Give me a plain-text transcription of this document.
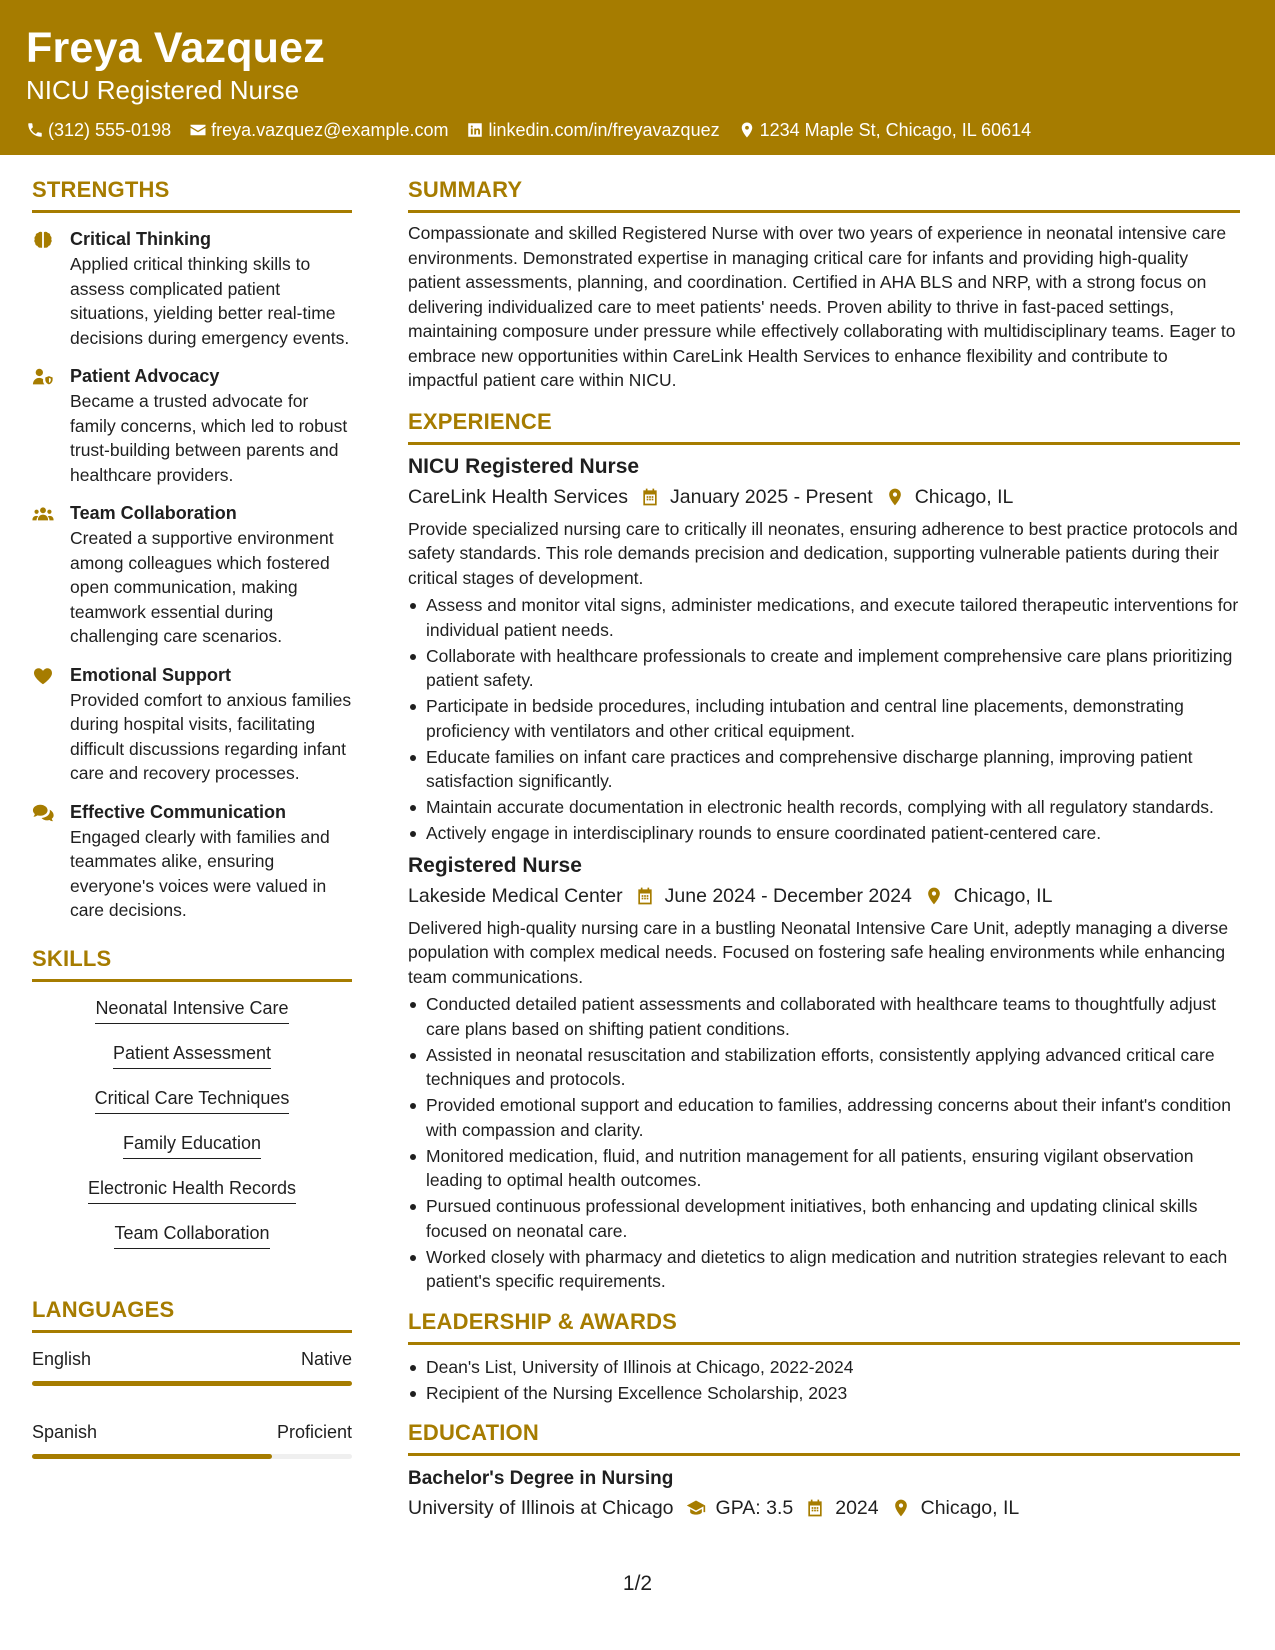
Freya Vazquez
NICU Registered Nurse
(312) 555-0198 freya.vazquez@example.com linkedin.com/in/freyavazquez 1234 Maple St, Chicago, IL 60614
STRENGTHS
Critical Thinking
Applied critical thinking skills to assess complicated patient situations, yielding better real-time decisions during emergency events.
Patient Advocacy
Became a trusted advocate for family concerns, which led to robust trust-building between parents and healthcare providers.
Team Collaboration
Created a supportive environment among colleagues which fostered open communication, making teamwork essential during challenging care scenarios.
Emotional Support
Provided comfort to anxious families during hospital visits, facilitating difficult discussions regarding infant care and recovery processes.
Effective Communication
Engaged clearly with families and teammates alike, ensuring everyone's voices were valued in care decisions.
SKILLS
Neonatal Intensive Care
Patient Assessment
Critical Care Techniques
Family Education
Electronic Health Records
Team Collaboration
LANGUAGES
English	Native
Spanish	Proficient
SUMMARY
Compassionate and skilled Registered Nurse with over two years of experience in neonatal intensive care environments. Demonstrated expertise in managing critical care for infants and providing high-quality patient assessments, planning, and coordination. Certified in AHA BLS and NRP, with a strong focus on delivering individualized care to meet patients' needs. Proven ability to thrive in fast-paced settings, maintaining composure under pressure while effectively collaborating with multidisciplinary teams. Eager to embrace new opportunities within CareLink Health Services to enhance flexibility and contribute to impactful patient care within NICU.
EXPERIENCE
NICU Registered Nurse
CareLink Health Services January 2025 - Present Chicago, IL
Provide specialized nursing care to critically ill neonates, ensuring adherence to best practice protocols and safety standards. This role demands precision and dedication, supporting vulnerable patients during their critical stages of development.
Assess and monitor vital signs, administer medications, and execute tailored therapeutic interventions for individual patient needs.
Collaborate with healthcare professionals to create and implement comprehensive care plans prioritizing patient safety.
Participate in bedside procedures, including intubation and central line placements, demonstrating proficiency with ventilators and other critical equipment.
Educate families on infant care practices and comprehensive discharge planning, improving patient satisfaction significantly.
Maintain accurate documentation in electronic health records, complying with all regulatory standards.
Actively engage in interdisciplinary rounds to ensure coordinated patient-centered care.
Registered Nurse
Lakeside Medical Center June 2024 - December 2024 Chicago, IL
Delivered high-quality nursing care in a bustling Neonatal Intensive Care Unit, adeptly managing a diverse population with complex medical needs. Focused on fostering safe healing environments while enhancing team communications.
Conducted detailed patient assessments and collaborated with healthcare teams to thoughtfully adjust care plans based on shifting patient conditions.
Assisted in neonatal resuscitation and stabilization efforts, consistently applying advanced critical care techniques and protocols.
Provided emotional support and education to families, addressing concerns about their infant's condition with compassion and clarity.
Monitored medication, fluid, and nutrition management for all patients, ensuring vigilant observation leading to optimal health outcomes.
Pursued continuous professional development initiatives, both enhancing and updating clinical skills focused on neonatal care.
Worked closely with pharmacy and dietetics to align medication and nutrition strategies relevant to each patient's specific requirements.
LEADERSHIP & AWARDS
Dean's List, University of Illinois at Chicago, 2022-2024
Recipient of the Nursing Excellence Scholarship, 2023
EDUCATION
Bachelor's Degree in Nursing
University of Illinois at Chicago GPA: 3.5 2024 Chicago, IL
1/2
